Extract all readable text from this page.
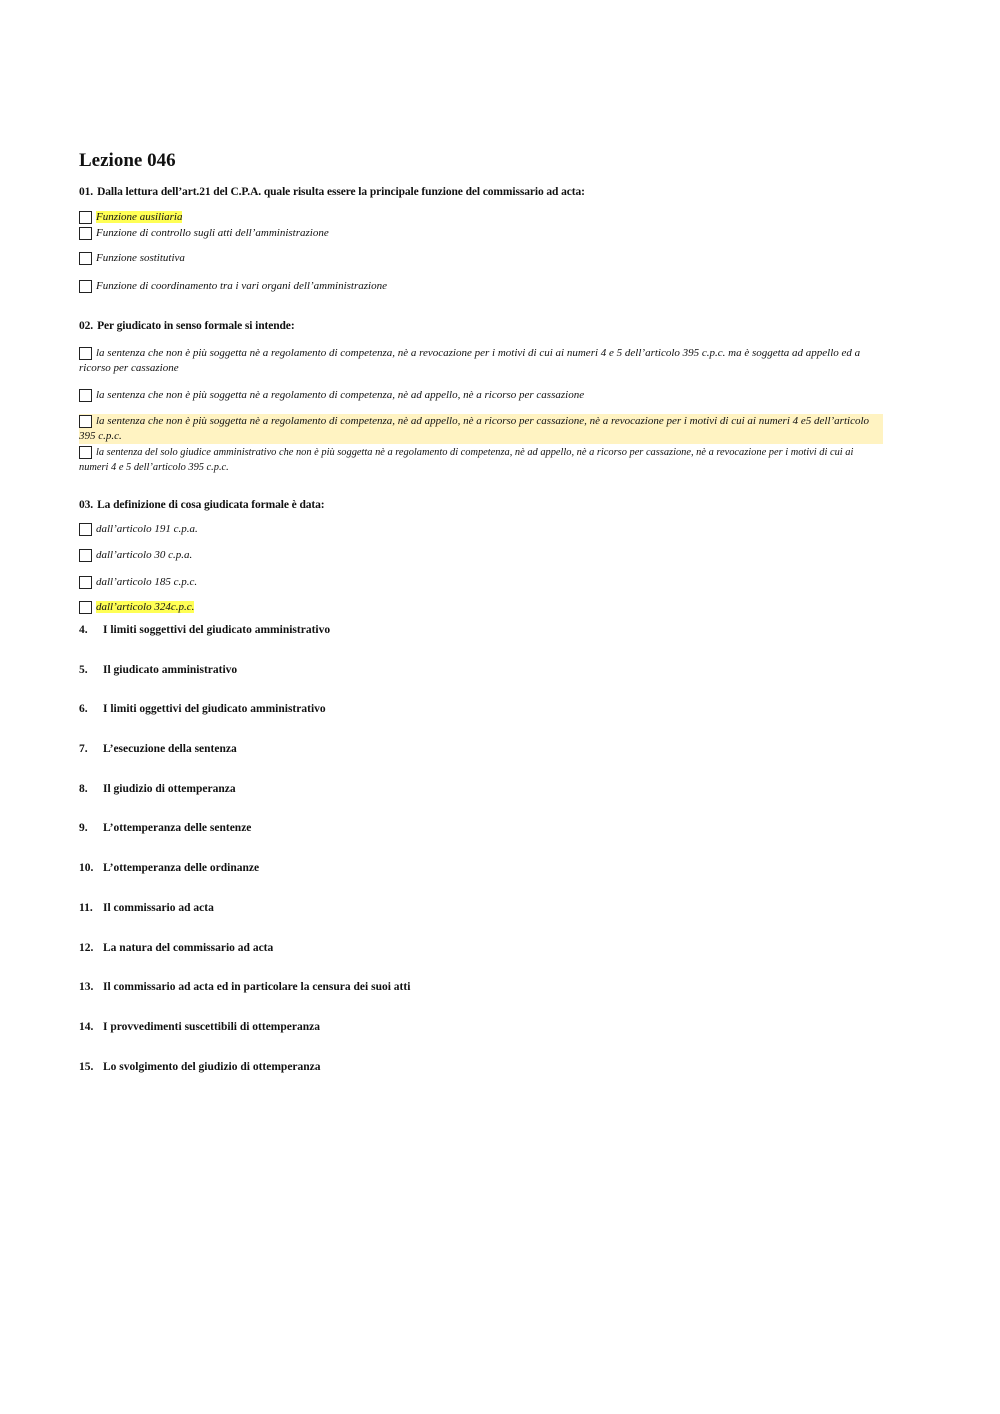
······
Lezione 046
01. Dalla lettura dell’art.21 del C.P.A. quale risulta essere la principale funzione del commissario ad acta:
Funzione ausiliaria
Funzione di controllo sugli atti dell’amministrazione
Funzione sostitutiva
Funzione di coordinamento tra i vari organi dell’amministrazione
02. Per giudicato in senso formale si intende:
la sentenza che non è più soggetta nè a regolamento di competenza, nè a revocazione per i motivi di cui ai numeri 4 e 5 dell’articolo 395 c.p.c. ma è soggetta ad appello ed a ricorso per cassazione
la sentenza che non è più soggetta nè a regolamento di competenza, nè ad appello, nè a ricorso per cassazione
la sentenza che non è più soggetta nè a regolamento di competenza, nè ad appello, nè a ricorso per cassazione, nè a revocazione per i motivi di cui ai numeri 4 e5 dell’articolo 395 c.p.c.
la sentenza del solo giudice amministrativo che non è più soggetta nè a regolamento di competenza, nè ad appello, nè a ricorso per cassazione, nè a revocazione per i motivi di cui ai numeri 4 e 5 dell’articolo 395 c.p.c.
03. La definizione di cosa giudicata formale è data:
dall’articolo 191 c.p.a.
dall’articolo 30 c.p.a.
dall’articolo 185 c.p.c.
dall’articolo 324c.p.c.
4. I limiti soggettivi del giudicato amministrativo
5. Il giudicato amministrativo
6. I limiti oggettivi del giudicato amministrativo
7. L’esecuzione della sentenza
8. Il giudizio di ottemperanza
9. L’ottemperanza delle sentenze
10. L’ottemperanza delle ordinanze
11. Il commissario ad acta
12. La natura del commissario ad acta
13. Il commissario ad acta ed in particolare la censura dei suoi atti
14. I provvedimenti suscettibili di ottemperanza
15. Lo svolgimento del giudizio di ottemperanza
